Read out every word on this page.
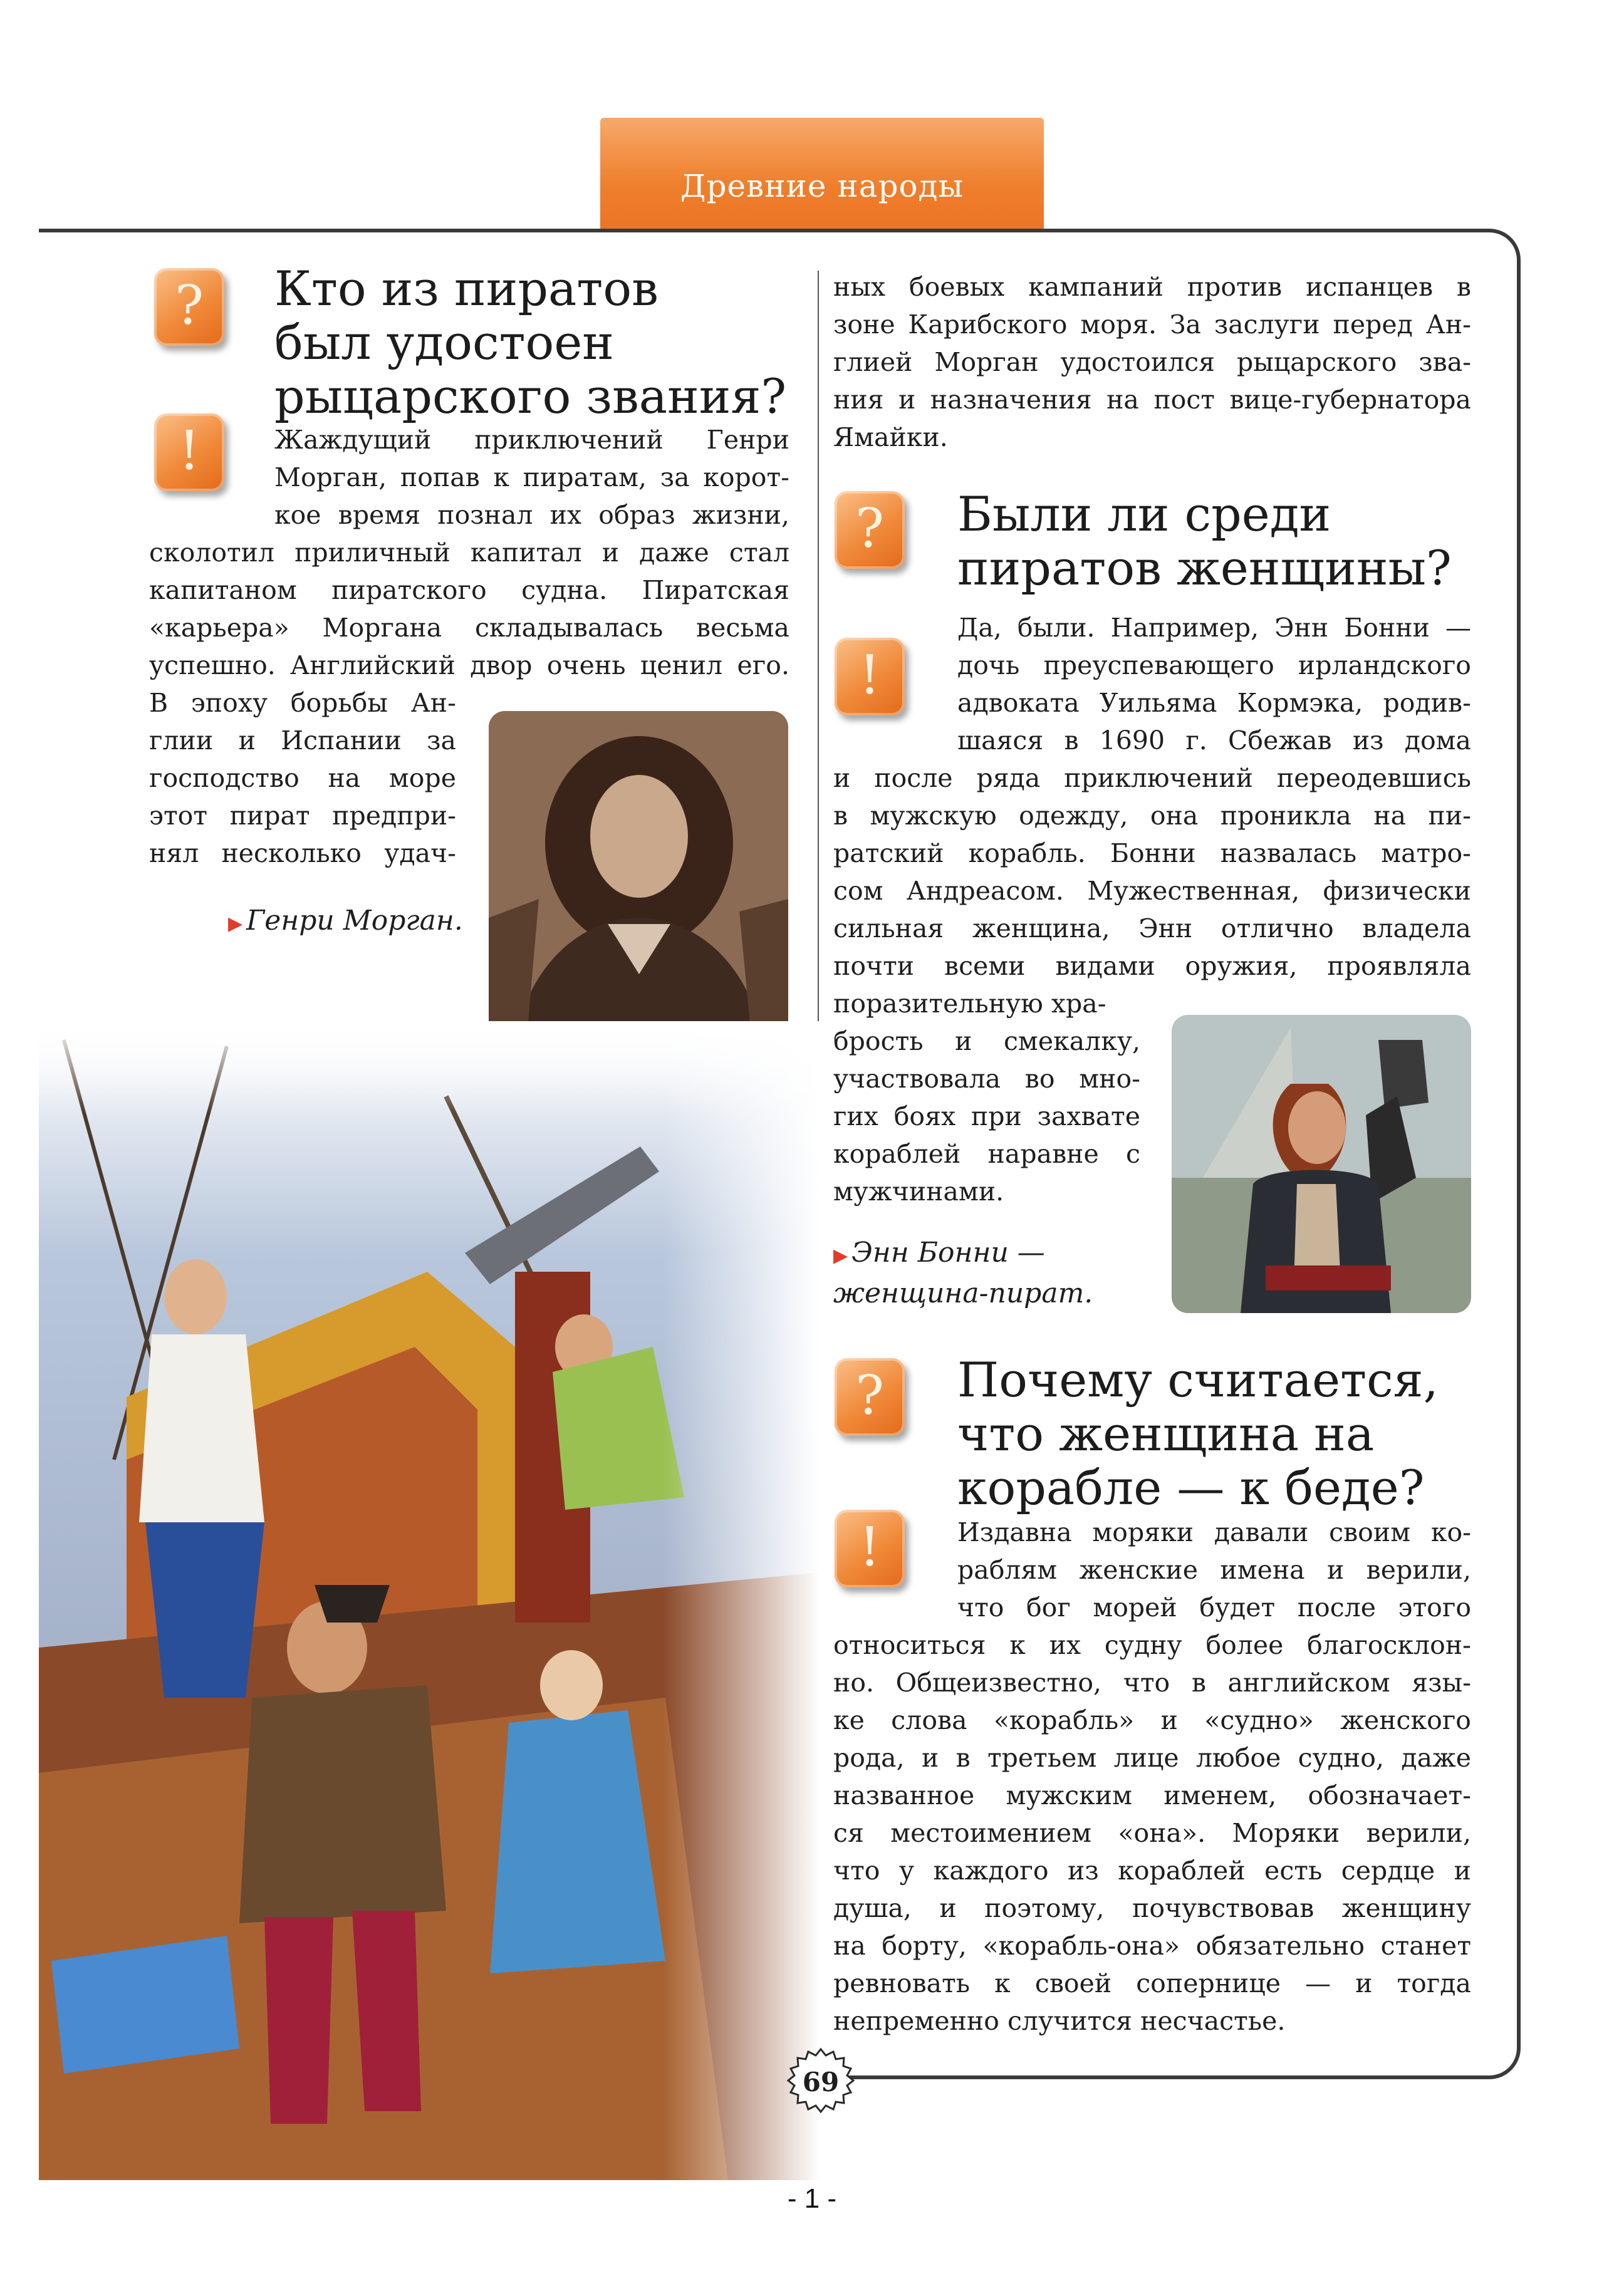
Древние народы
?	Кто из пиратов
был удостоен
рыцарского звания?
!	Жаждущий приключений Генри
Морган, попав к пиратам, за корот-
кое время познал их образ жизни,
сколотил приличный капитал и даже стал
капитаном пиратского судна. Пиратская
«карьера» Моргана складывалась весьма
успешно. Английский двор очень ценил его.
В эпоху борьбы Ан-
глии и Испании за
господство на море
этот пират предпри-
нял несколько удач-
▶ Генри Морган.
ных боевых кампаний против испанцев в
зоне Карибского моря. За заслуги перед Ан-
глией Морган удостоился рыцарского зва-
ния и назначения на пост вице-губернатора
Ямайки.
?	Были ли среди
пиратов женщины?
!
Да, были. Например, Энн Бонни —
дочь преуспевающего ирландского
адвоката Уильяма Кормэка, родив-
шаяся в 1690 г. Сбежав из дома
и после ряда приключений переодевшись
в мужскую одежду, она проникла на пи-
ратский корабль. Бонни назвалась матро-
сом Андреасом. Мужественная, физически
сильная женщина, Энн отлично владела
почти всеми видами оружия, проявляла
поразительную хра-
брость и смекалку,
участвовала во мно-
гих боях при захвате
кораблей наравне с
мужчинами.
▶ Энн Бонни —
женщина-пират.
?	Почему считается,
что женщина на
корабле — к беде?
!	Издавна моряки давали своим ко-
раблям женские имена и верили,
что бог морей будет после этого
относиться к их судну более благосклон-
но. Общеизвестно, что в английском язы-
ке слова «корабль» и «судно» женского
рода, и в третьем лице любое судно, даже
названное мужским именем, обозначает-
ся местоимением «она». Моряки верили,
что у каждого из кораблей есть сердце и
душа, и поэтому, почувствовав женщину
на борту, «корабль-она» обязательно станет
ревновать к своей сопернице — и тогда
непременно случится несчастье.
69
- 1 -
